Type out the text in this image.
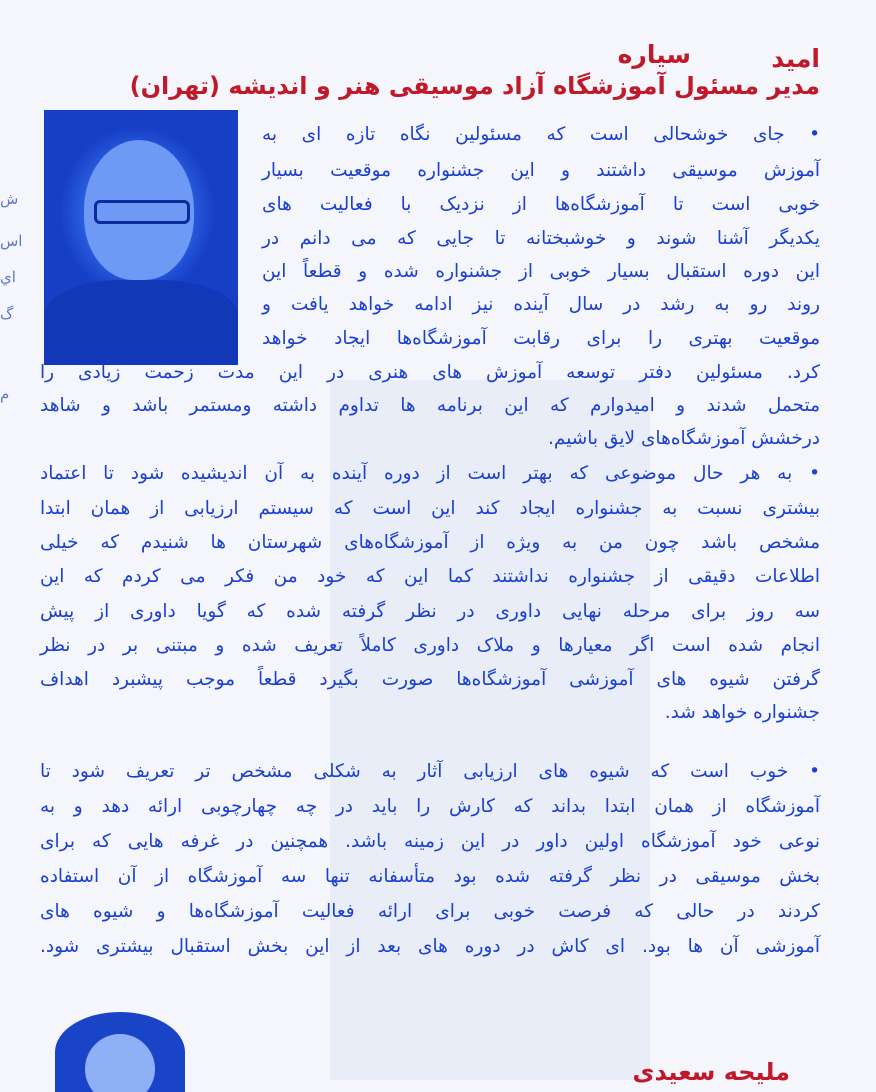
ش
اس
اي
گ
م
امید
سیاره
مدیر مسئول آموزشگاه آزاد موسیقی هنر و اندیشه (تهران)
• جای خوشحالی است که مسئولین نگاه تازه ای به
آموزش موسیقی داشتند و این جشنواره موقعیت بسیار
خوبی است تا آموزشگاه‌ها از نزدیک با فعالیت های
یکدیگر آشنا شوند و خوشبختانه تا جایی که می دانم در
این دوره استقبال بسیار خوبی از جشنواره شده و قطعاً این
روند رو به رشد در سال آینده نیز ادامه خواهد یافت و
موقعیت بهتری را برای رقابت آموزشگاه‌ها ایجاد خواهد
کرد. مسئولین دفتر توسعه آموزش های هنری در این مدت زحمت زیادی را
متحمل شدند و امیدوارم که این برنامه ها تداوم داشته ومستمر باشد و شاهد
درخشش آموزشگاه‌های لایق باشیم.
• به هر حال موضوعی که بهتر است از دوره آینده به آن اندیشیده شود تا اعتماد
بیشتری نسبت به جشنواره ایجاد کند این است که سیستم ارزیابی از همان ابتدا
مشخص باشد چون من به ویژه از آموزشگاه‌های شهرستان ها شنیدم که خیلی
اطلاعات دقیقی از جشنواره نداشتند کما این که خود من فکر می کردم که این
سه روز برای مرحله نهایی داوری در نظر گرفته شده که گویا داوری از پیش
انجام شده است اگر معیارها و ملاک داوری کاملاً تعریف شده و مبتنی بر در نظر
گرفتن شیوه های آموزشی آموزشگاه‌ها صورت بگیرد قطعاً موجب پیشبرد اهداف
جشنواره خواهد شد.
• خوب است که شیوه های ارزیابی آثار به شکلی مشخص تر تعریف شود تا
آموزشگاه از همان ابتدا بداند که کارش را باید در چه چهارچوبی ارائه دهد و به
نوعی خود آموزشگاه اولین داور در این زمینه باشد. همچنین در غرفه هایی که برای
بخش موسیقی در نظر گرفته شده بود متأسفانه تنها سه آموزشگاه از آن استفاده
کردند در حالی که فرصت خوبی برای ارائه فعالیت آموزشگاه‌ها و شیوه های
آموزشی آن ها بود. ای کاش در دوره های بعد از این بخش استقبال بیشتری شود.
ملیحه سعیدی
